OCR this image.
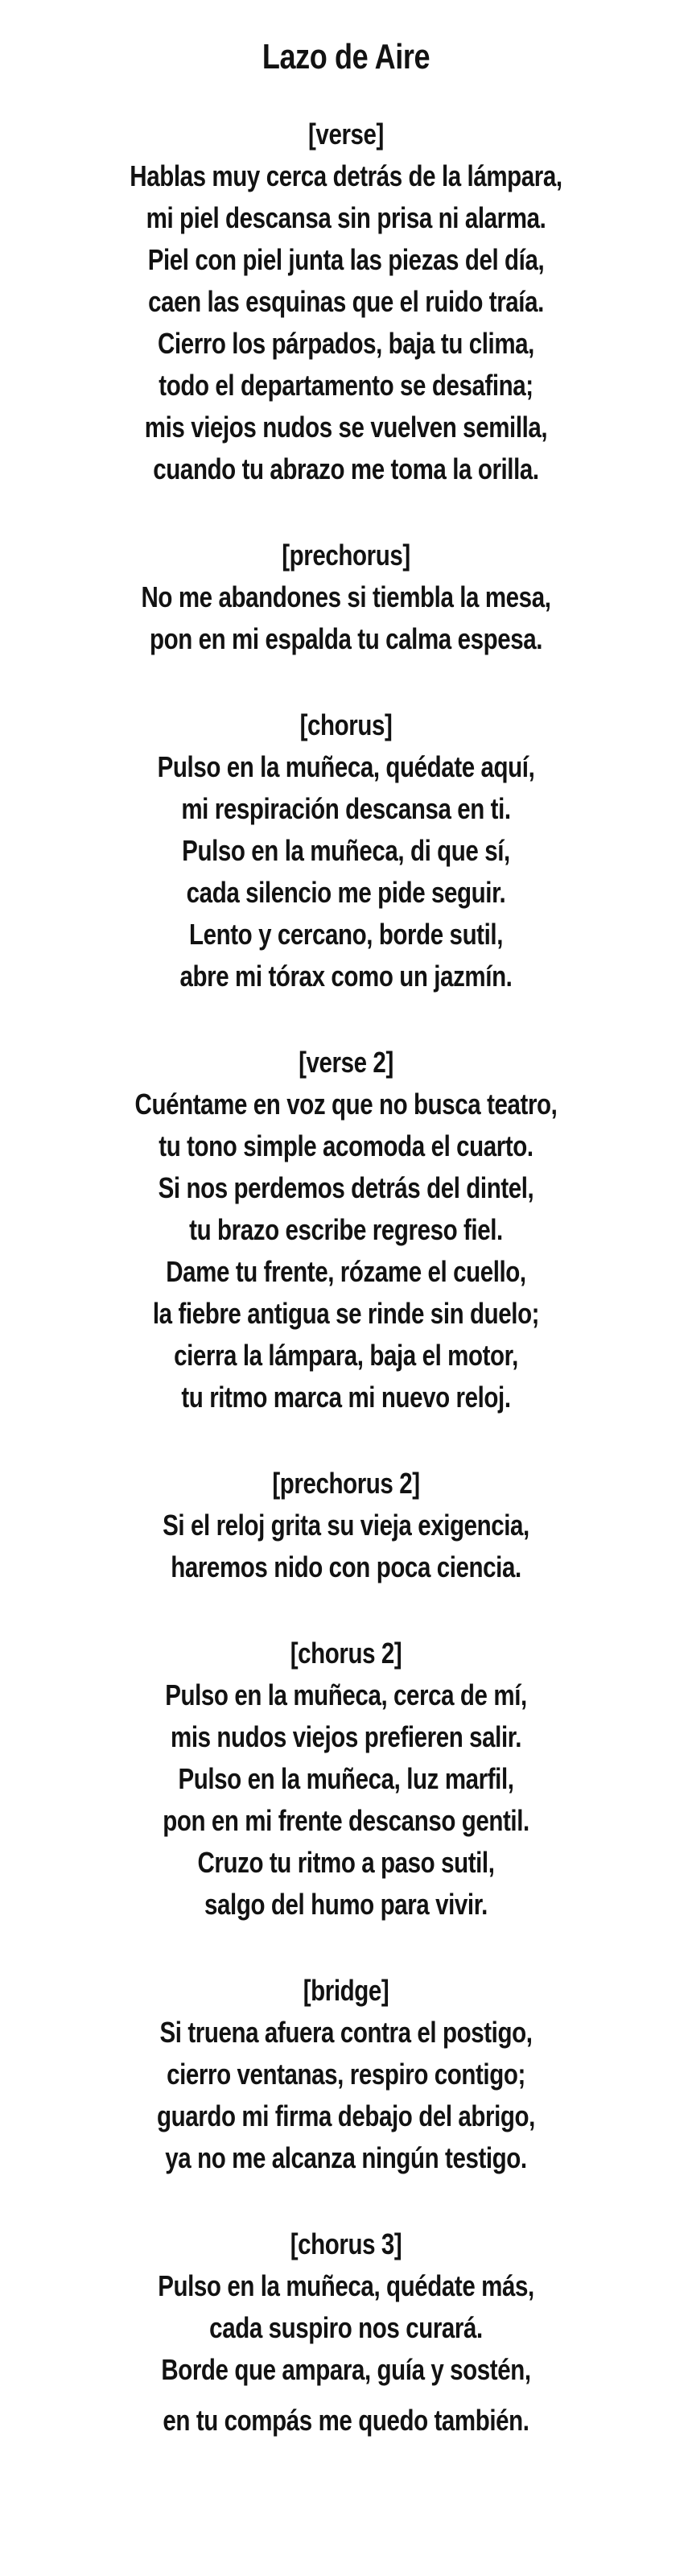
Lazo de Aire
[verse]
Hablas muy cerca detrás de la lámpara,
mi piel descansa sin prisa ni alarma.
Piel con piel junta las piezas del día,
caen las esquinas que el ruido traía.
Cierro los párpados, baja tu clima,
todo el departamento se desafina;
mis viejos nudos se vuelven semilla,
cuando tu abrazo me toma la orilla.
[prechorus]
No me abandones si tiembla la mesa,
pon en mi espalda tu calma espesa.
[chorus]
Pulso en la muñeca, quédate aquí,
mi respiración descansa en ti.
Pulso en la muñeca, di que sí,
cada silencio me pide seguir.
Lento y cercano, borde sutil,
abre mi tórax como un jazmín.
[verse 2]
Cuéntame en voz que no busca teatro,
tu tono simple acomoda el cuarto.
Si nos perdemos detrás del dintel,
tu brazo escribe regreso fiel.
Dame tu frente, rózame el cuello,
la fiebre antigua se rinde sin duelo;
cierra la lámpara, baja el motor,
tu ritmo marca mi nuevo reloj.
[prechorus 2]
Si el reloj grita su vieja exigencia,
haremos nido con poca ciencia.
[chorus 2]
Pulso en la muñeca, cerca de mí,
mis nudos viejos prefieren salir.
Pulso en la muñeca, luz marfil,
pon en mi frente descanso gentil.
Cruzo tu ritmo a paso sutil,
salgo del humo para vivir.
[bridge]
Si truena afuera contra el postigo,
cierro ventanas, respiro contigo;
guardo mi firma debajo del abrigo,
ya no me alcanza ningún testigo.
[chorus 3]
Pulso en la muñeca, quédate más,
cada suspiro nos curará.
Borde que ampara, guía y sostén,
en tu compás me quedo también.
